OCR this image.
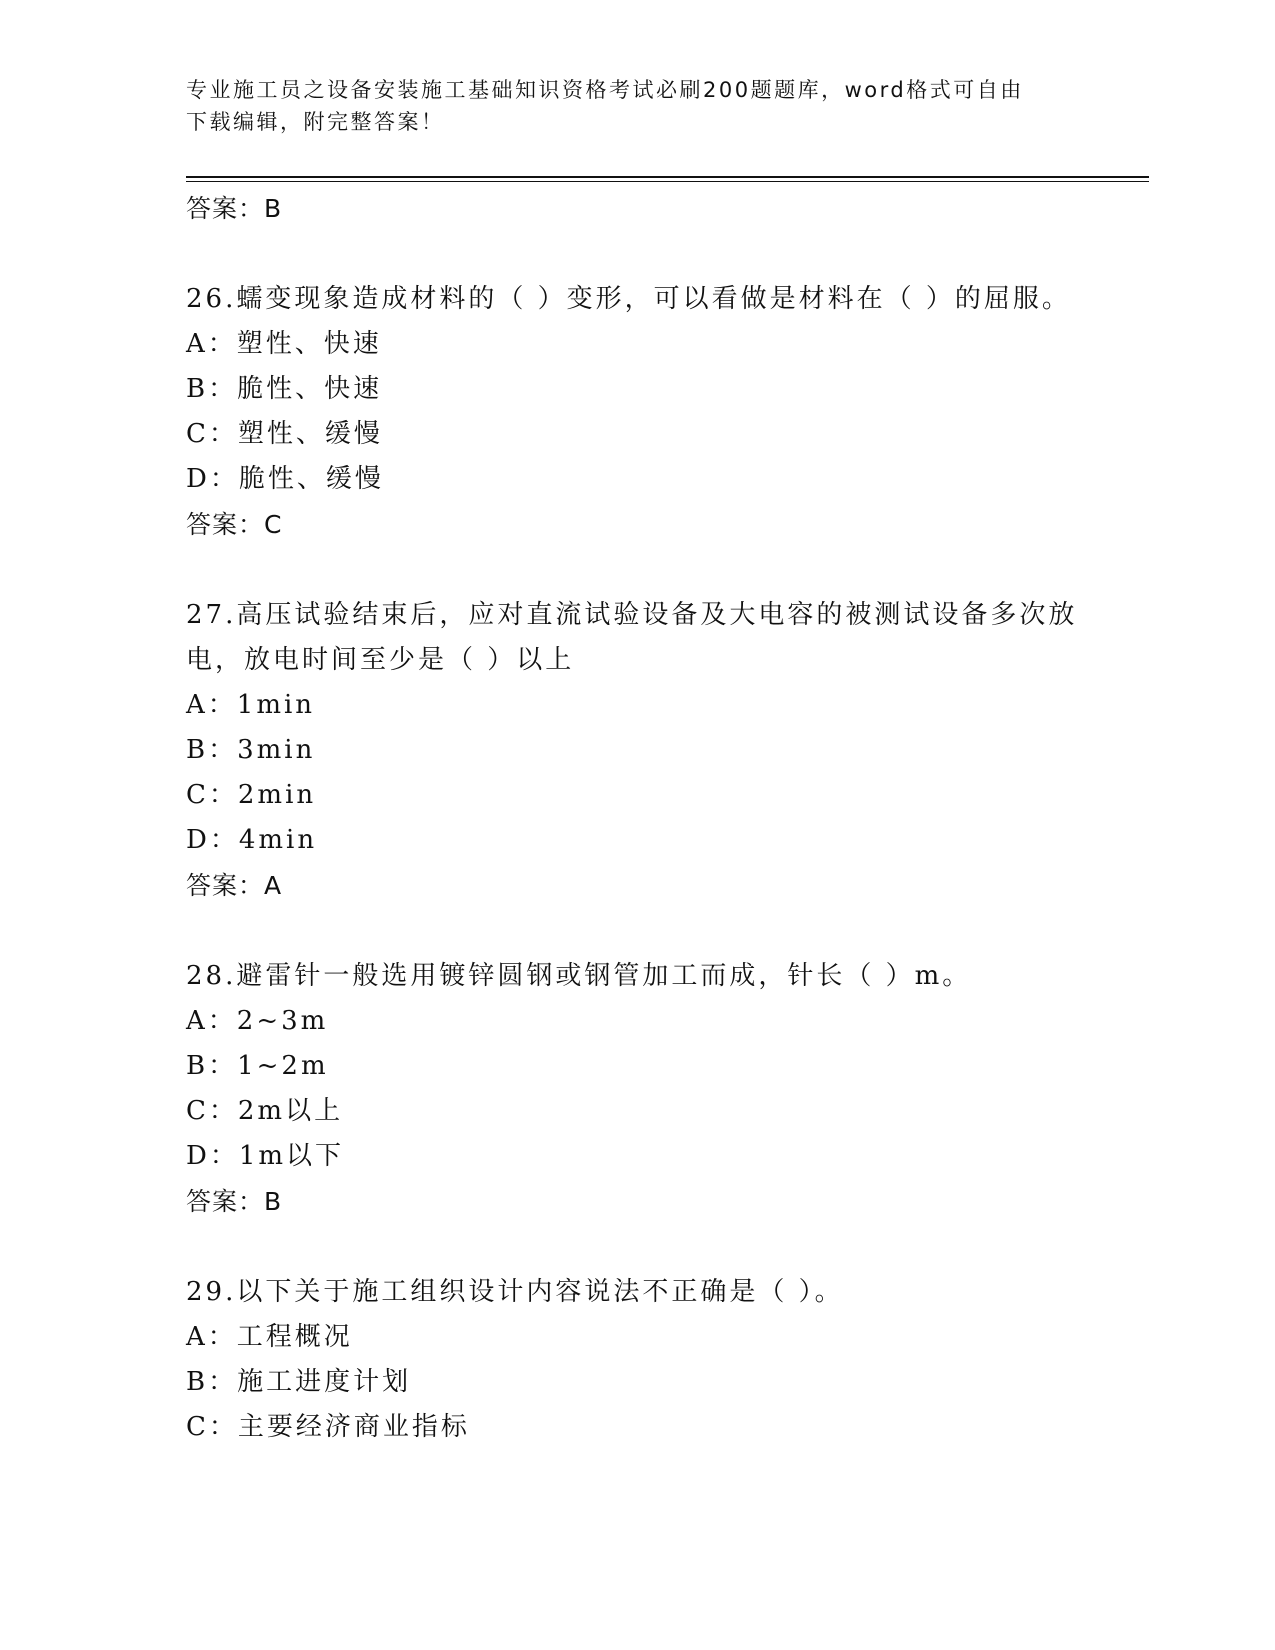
专业施工员之设备安装施工基础知识资格考试必刷200题题库，word格式可自由
下载编辑，附完整答案！
答案：B
26.蠕变现象造成材料的（ ）变形，可以看做是材料在（ ）的屈服。
A：塑性、快速
B：脆性、快速
C：塑性、缓慢
D：脆性、缓慢
答案：C
27.高压试验结束后，应对直流试验设备及大电容的被测试设备多次放
电，放电时间至少是（ ）以上
A：1min
B：3min
C：2min
D：4min
答案：A
28.避雷针一般选用镀锌圆钢或钢管加工而成，针长（ ）m。
A：2~3m
B：1~2m
C：2m以上
D：1m以下
答案：B
29.以下关于施工组织设计内容说法不正确是（ ）。
A：工程概况
B：施工进度计划
C：主要经济商业指标
